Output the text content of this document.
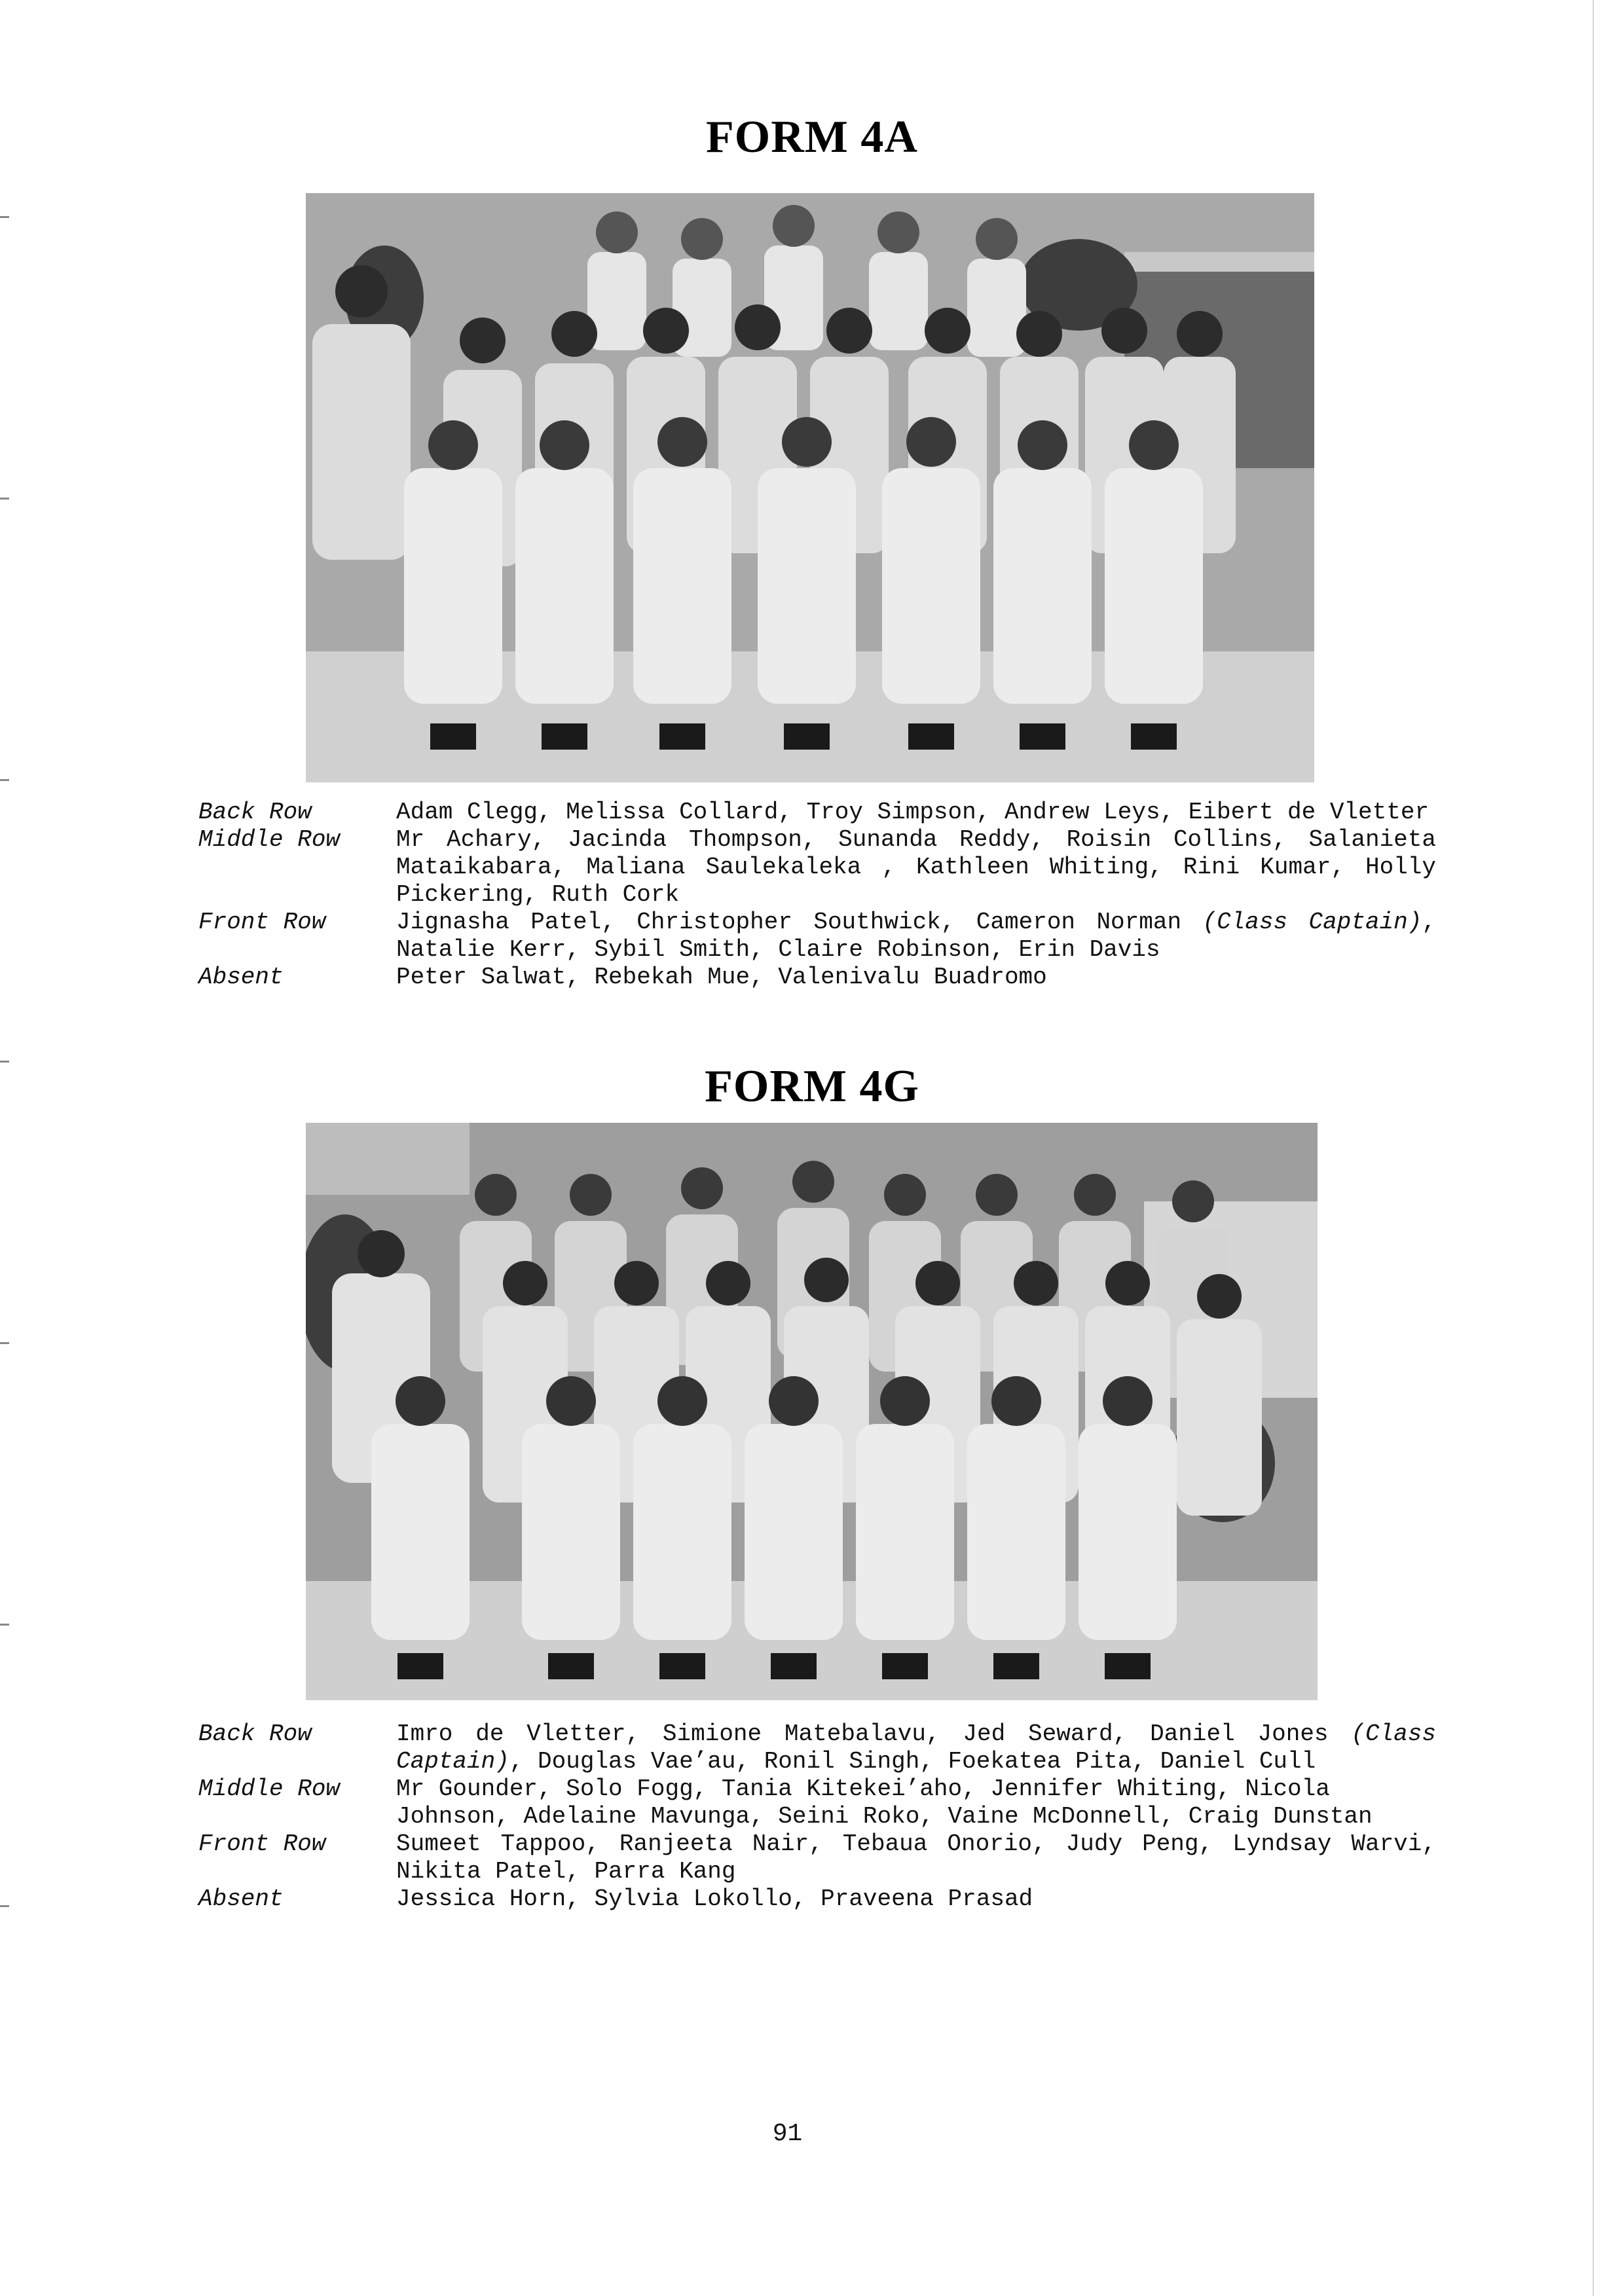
FORM 4A
Back Row	Adam Clegg, Melissa Collard, Troy Simpson, Andrew Leys, Eibert de Vletter
Middle Row	Mr Achary, Jacinda Thompson, Sunanda Reddy, Roisin Collins, Salanieta Mataikabara, Maliana Saulekaleka , Kathleen Whiting, Rini Kumar, Holly Pickering, Ruth Cork
Front Row	Jignasha Patel, Christopher Southwick, Cameron Norman (Class Captain), Natalie Kerr, Sybil Smith, Claire Robinson, Erin Davis
Absent	Peter Salwat, Rebekah Mue, Valenivalu Buadromo
FORM 4G
Back Row	Imro de Vletter, Simione Matebalavu, Jed Seward, Daniel Jones (Class Captain), Douglas Vae’au, Ronil Singh, Foekatea Pita, Daniel Cull
Middle Row	Mr Gounder, Solo Fogg, Tania Kitekei’aho, Jennifer Whiting, Nicola
Johnson, Adelaine Mavunga, Seini Roko, Vaine McDonnell, Craig Dunstan
Front Row	Sumeet Tappoo, Ranjeeta Nair, Tebaua Onorio, Judy Peng, Lyndsay Warvi, Nikita Patel, Parra Kang
Absent	Jessica Horn, Sylvia Lokollo, Praveena Prasad
91
